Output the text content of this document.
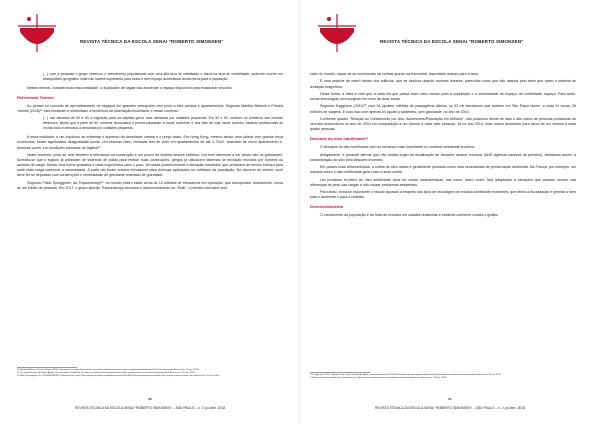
REVISTA TÉCNICA DA ESCOLA SENAI "ROBERTO SIMONSEN"

(...) com a pesquisa o grupo observou o crescimento populacional com uma alta taxa de natalidade e baixa na taxa de mortalidade, podendo ocorrer um desequilíbrio geográfico onde não haverá suprimento para todos e nem espaço acarretando ainda riscos para a população.

Nestes termos, considerando essa realidade, o duplicador de vagas visa aumentar o espaço disponível para estacionar veículos.

Referencial Teórico

Ao pensar no conceito de aproveitamento de espaços em grandes metrópoles vêm junto a eles prédios e apartamentos. Segundo Martilia Winkels e Priscila Yazbek (2018)¹⁰ eles iniciavam e simbolizam a tendência da ostentação imobiliária, e nesse contexto:

(...) nas décadas de 50 e 60 a migração para as capitais gerou uma demanda por unidades pequenas. Em 90 e 90, surtiram os primeiros aos imóveis diminutos, sendo que a partir de 90, homens divorciados e jovens passaram a morar sozinhos, e nos dias de hoje morar sozinho, estando profissionais do mundo todo e elevando a demanda por unidades pequenas.

A essa realidade, a um equívoco ao enfrentar o aumento da densidade urbana e o preço baixo. Em Hong Kong, mesmo sendo uma cidade com grande força econômica, existe significativa desigualdade social. Um sintoma claro, chinesas tem de viver em apartamentos de até 3,72m2, chamado de micro apartamento e, diversas vezes, em condições precárias de higiene¹¹.

Neste contexto, pode-se citar também a relevância na construção e um pouco da história desses edifícios. Um bom elemento a ser citado são os guindastes. Acredita-se que o egípcio já utilizaram de sistemas de polias para efetuar suas construções, gregos já utilizavam sistemas de elevação movidos por homens ou animais de carga. Sendo uma forma grosseira e nada ergonômica para o povo, foi criada posteriormente a elevação mecânica, que precisava de menos esforço para subir mais carga conforme a necessidade. A partir daí foram criados elevadores para diversas aplicações no cotidiano da população. No decorrer do século, você deve ter se deparado com construções e necessidade de guindaste chamado de guindaste.

Segundo Fábio Sperggiorin, da Thyssenkrupp¹², no mundo inteiro estão cerca de 12 milhões de elevadores em operação, que transportam, diariamente, cerca de um bilhão de pessoas. Em 2017, o grupo alemão Thyssenkrupp anunciou o desenvolvimento do "Multi", o primeiro elevador sem

10 Martilia Winkels, Priscila Yazbek (2018). Disponível em: https://exame.abril.com.br/seu-dinheiro/quanto-custam-os-apartamentos-de-ate-20-m2-em-sao-paulo. Acesso em: 13 nov. 2018.

11 G1, apartamentos (Estadual Alerta) em hong kong. Disponível em: https://g1.globo.com/mundo/noticia/estados-apartamentos-caixas-em-hong-kong.ghtml. Acesso em: 18 nov. 2018.

12 Fábio Sperggiorin, da THYSSENKRUPP. Disponível em: https://epocanegocios.globo.com/Empresa/noticia/2018/01/thyssenkrupp-lanca-elevador-que-se-move-para-os-lados.html. Acesso em: 15 nov. 2018.

66
REVISTA TÉCNICA DA ESCOLA SENAI "ROBERTO SIMONSEN" – SÃO PAULO – n. 2, jul./dez. 2018
REVISTA TÉCNICA DA ESCOLA SENAI "ROBERTO SIMONSEN"

cabo do mundo, capaz de se movimentar na vertical quanto na horizontal, importante avanço para a área.

É uma espécie de metrô dentro dos edifícios, que se desloca usando motores lineares, parecidos como que são usados pelo trens que usam o sistema de levitação magnética.

Desta forma, a ideia é criar que a cada dia que passa esse ramo cresce junto à população e a necessidade de espaço, de mobilidade, espaço. Para tanto, novas tecnologias vêm surgindo em meio às duas áreas.

Segundo Saggiomo (2011)¹³, com 04 (quatro) milhões de passageiros diários, os 33 mil elevadores que existem em São Paulo fazem, a cada 24 horas, 26 milhões de viagens. E tudo isso com apenas 04 (quatro) acidentes, sem gravidade, no ano de 2010.

Conforme quadro "Relação do Crescimento por Ano: Automóveis/População em Milhões", não podemos deixar de lado o alto índice de pessoas portadoras de veículos automotivos no ano de 2004 em comparação a um veículo a cada sete pessoas. Já no ano 2014, esse marco aumentou para cerca de um veículo a cada quatro pessoas.

Descarte do óleo lubrificante¹⁴

O descarte do óleo lubrificante vem se tornando mais importante no contexto ambiental moderno.

Antigamente, é possível afirmar que não existia órgão de fiscalização de descarte desses resíduos (ANP-Agência nacional de petróleo), facilitando assim, a contaminação do solo pelo descarte incorreto.

Em países mais desenvolvidos, a coleta de óleo usado é geralmente pensada como uma necessidade de preservação ambiental. Na França, por exemplo, um imposto sobre o óleo lubrificante gera custo a suas coleta.

Um processo re-refino do óleo lubrificante deve ter certas características, tais como: baixo custo, fácil adaptação a variações que possam ocorrer nas diferenças de peso das cargas e não causar problemas ambientais.

Para tanto, torna-se importante o estudo apurado a respeito dos tipos de reciclagem de resíduo lubrificante existentes, que tenha a fiscalização e permita o bem para o ambiente e para o cidadão.

Desenvolvimento

O crescimento da população e da frota de veículos em cidades brasileiras é evidente conforme mostra o gráfico

13 Saggiomo (2011). Disponível em: https://redeglobo.globo.com/sp/eptv/noticia/2011/05/04-milhoes-de-passageiros-diarios-33-mil-elevadores-existem-em-sao-paulo.html. Acesso em: 23 nov. 2018.

14 Descarte do óleo lubrificante. Disponível em: https://www.revistaeducacao.com.br/descarte-de-oleo-lubrificante. Acesso em: 13 nov. 2018.

67
REVISTA TÉCNICA DA ESCOLA SENAI "ROBERTO SIMONSEN" – SÃO PAULO – n. 2, jul./dez. 2018
